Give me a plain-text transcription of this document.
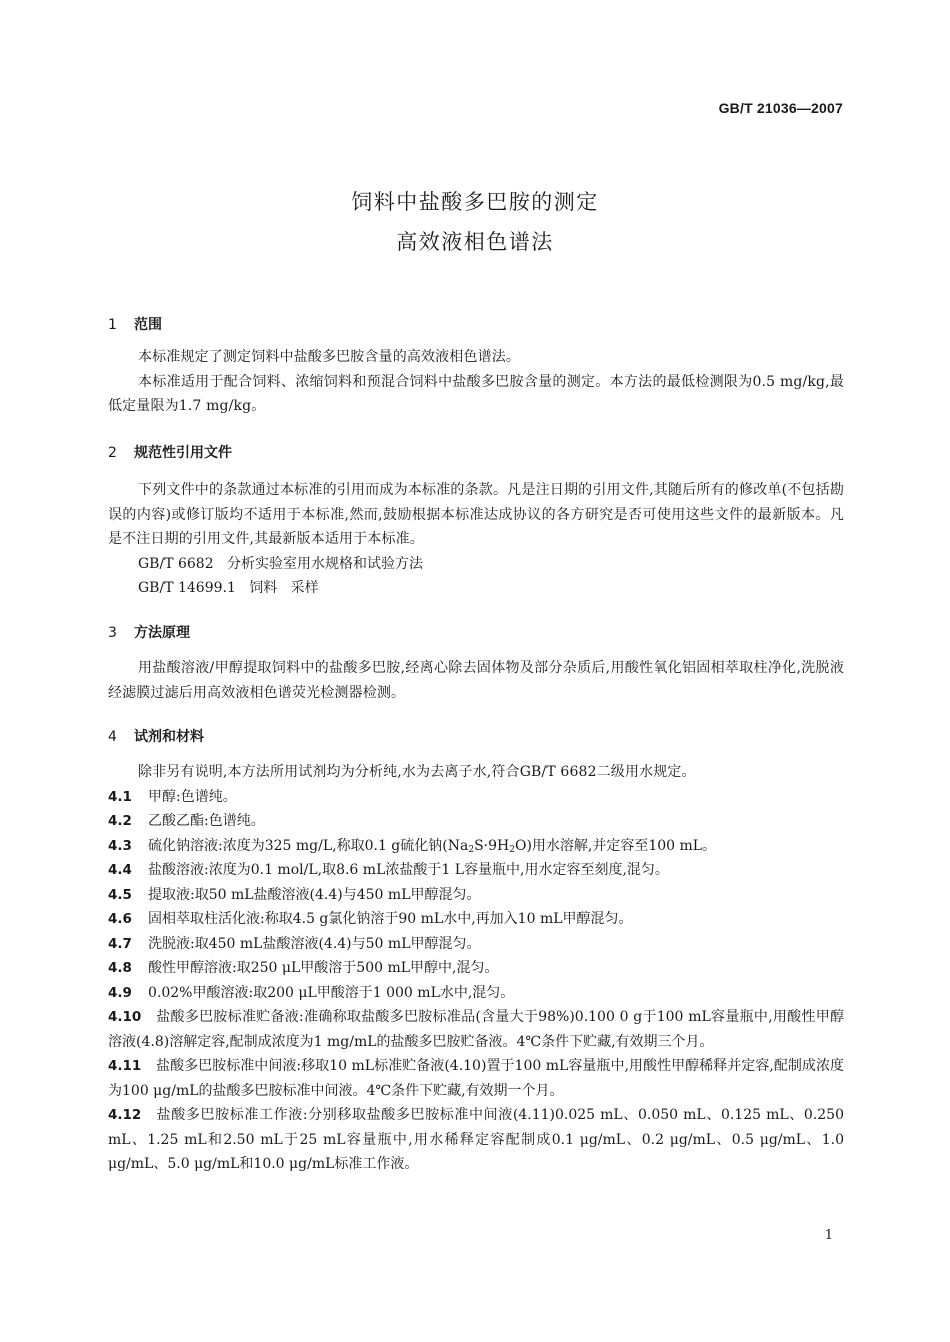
GB/T 21036—2007
饲料中盐酸多巴胺的测定
高效液相色谱法
1 范围
本标准规定了测定饲料中盐酸多巴胺含量的高效液相色谱法。
本标准适用于配合饲料、浓缩饲料和预混合饲料中盐酸多巴胺含量的测定。本方法的最低检测限为0.5 mg/kg,最低定量限为1.7 mg/kg。
2 规范性引用文件
下列文件中的条款通过本标准的引用而成为本标准的条款。凡是注日期的引用文件,其随后所有的修改单(不包括勘误的内容)或修订版均不适用于本标准,然而,鼓励根据本标准达成协议的各方研究是否可使用这些文件的最新版本。凡是不注日期的引用文件,其最新版本适用于本标准。
GB/T 6682   分析实验室用水规格和试验方法
GB/T 14699.1   饲料   采样
3 方法原理
用盐酸溶液/甲醇提取饲料中的盐酸多巴胺,经离心除去固体物及部分杂质后,用酸性氧化铝固相萃取柱净化,洗脱液经滤膜过滤后用高效液相色谱荧光检测器检测。
4 试剂和材料
除非另有说明,本方法所用试剂均为分析纯,水为去离子水,符合GB/T 6682二级用水规定。
4.1 甲醇:色谱纯。
4.2 乙酸乙酯:色谱纯。
4.3 硫化钠溶液:浓度为325 mg/L,称取0.1 g硫化钠$(Na_2S\cdot 9H_2O)$用水溶解,并定容至100 mL。
4.4 盐酸溶液:浓度为0.1 mol/L,取8.6 mL浓盐酸于1 L容量瓶中,用水定容至刻度,混匀。
4.5 提取液:取50 mL盐酸溶液(4.4)与450 mL甲醇混匀。
4.6 固相萃取柱活化液:称取4.5 g氯化钠溶于90 mL水中,再加入10 mL甲醇混匀。
4.7 洗脱液:取450 mL盐酸溶液(4.4)与50 mL甲醇混匀。
4.8 酸性甲醇溶液:取250 μL甲酸溶于500 mL甲醇中,混匀。
4.9 0.02%甲酸溶液:取200 μL甲酸溶于1 000 mL水中,混匀。
4.10 盐酸多巴胺标准贮备液:准确称取盐酸多巴胺标准品(含量大于98%)0.100 0 g于100 mL容量瓶中,用酸性甲醇溶液(4.8)溶解定容,配制成浓度为1 mg/mL的盐酸多巴胺贮备液。4℃条件下贮藏,有效期三个月。
4.11 盐酸多巴胺标准中间液:移取10 mL标准贮备液(4.10)置于100 mL容量瓶中,用酸性甲醇稀释并定容,配制成浓度为100 μg/mL的盐酸多巴胺标准中间液。4℃条件下贮藏,有效期一个月。
4.12 盐酸多巴胺标准工作液:分别移取盐酸多巴胺标准中间液(4.11)0.025 mL、0.050 mL、0.125 mL、0.250 mL、1.25 mL和2.50 mL于25 mL容量瓶中,用水稀释定容配制成0.1 μg/mL、0.2 μg/mL、0.5 μg/mL、1.0 μg/mL、5.0 μg/mL和10.0 μg/mL标准工作液。
1
